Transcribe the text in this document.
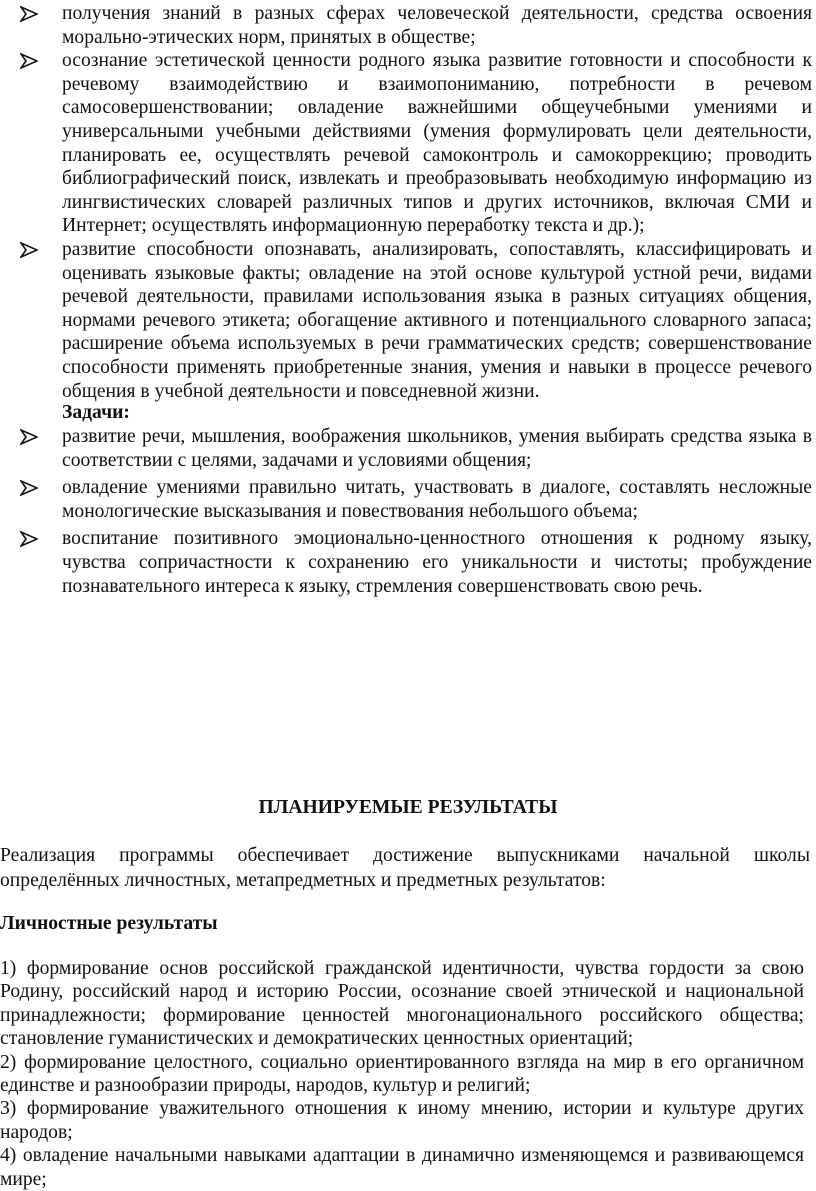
получения знаний в разных сферах человеческой деятельности, средства освоения морально-этических норм, принятых в обществе;
осознание эстетической ценности родного языка развитие готовности и способности к речевому взаимодействию и взаимопониманию, потребности в речевом самосовершенствовании; овладение важнейшими общеучебными умениями и универсальными учебными действиями (умения формулировать цели деятельности, планировать ее, осуществлять речевой самоконтроль и самокоррекцию; проводить библиографический поиск, извлекать и преобразовывать необходимую информацию из лингвистических словарей различных типов и других источников, включая СМИ и Интернет; осуществлять информационную переработку текста и др.);
развитие способности опознавать, анализировать, сопоставлять, классифицировать и оценивать языковые факты; овладение на этой основе культурой устной речи, видами речевой деятельности, правилами использования языка в разных ситуациях общения, нормами речевого этикета; обогащение активного и потенциального словарного запаса; расширение объема используемых в речи грамматических средств; совершенствование способности применять приобретенные знания, умения и навыки в процессе речевого общения в учебной деятельности и повседневной жизни.
Задачи:
развитие речи, мышления, воображения школьников, умения выбирать средства языка в соответствии с целями, задачами и условиями общения;
овладение умениями правильно читать, участвовать в диалоге, составлять несложные монологические высказывания и повествования небольшого объема;
воспитание позитивного эмоционально-ценностного отношения к родному языку, чувства сопричастности к сохранению его уникальности и чистоты; пробуждение познавательного интереса к языку, стремления совершенствовать свою речь.
ПЛАНИРУЕМЫЕ РЕЗУЛЬТАТЫ
Реализация программы обеспечивает достижение выпускниками начальной школы определённых личностных, метапредметных и предметных результатов:
Личностные результаты
1) формирование основ российской гражданской идентичности, чувства гордости за свою Родину, российский народ и историю России, осознание своей этнической и национальной принадлежности; формирование ценностей многонационального российского общества; становление гуманистических и демократических ценностных ориентаций;
2) формирование целостного, социально ориентированного взгляда на мир в его органичном единстве и разнообразии природы, народов, культур и религий;
3) формирование уважительного отношения к иному мнению, истории и культуре других народов;
4) овладение начальными навыками адаптации в динамично изменяющемся и развивающемся мире;
